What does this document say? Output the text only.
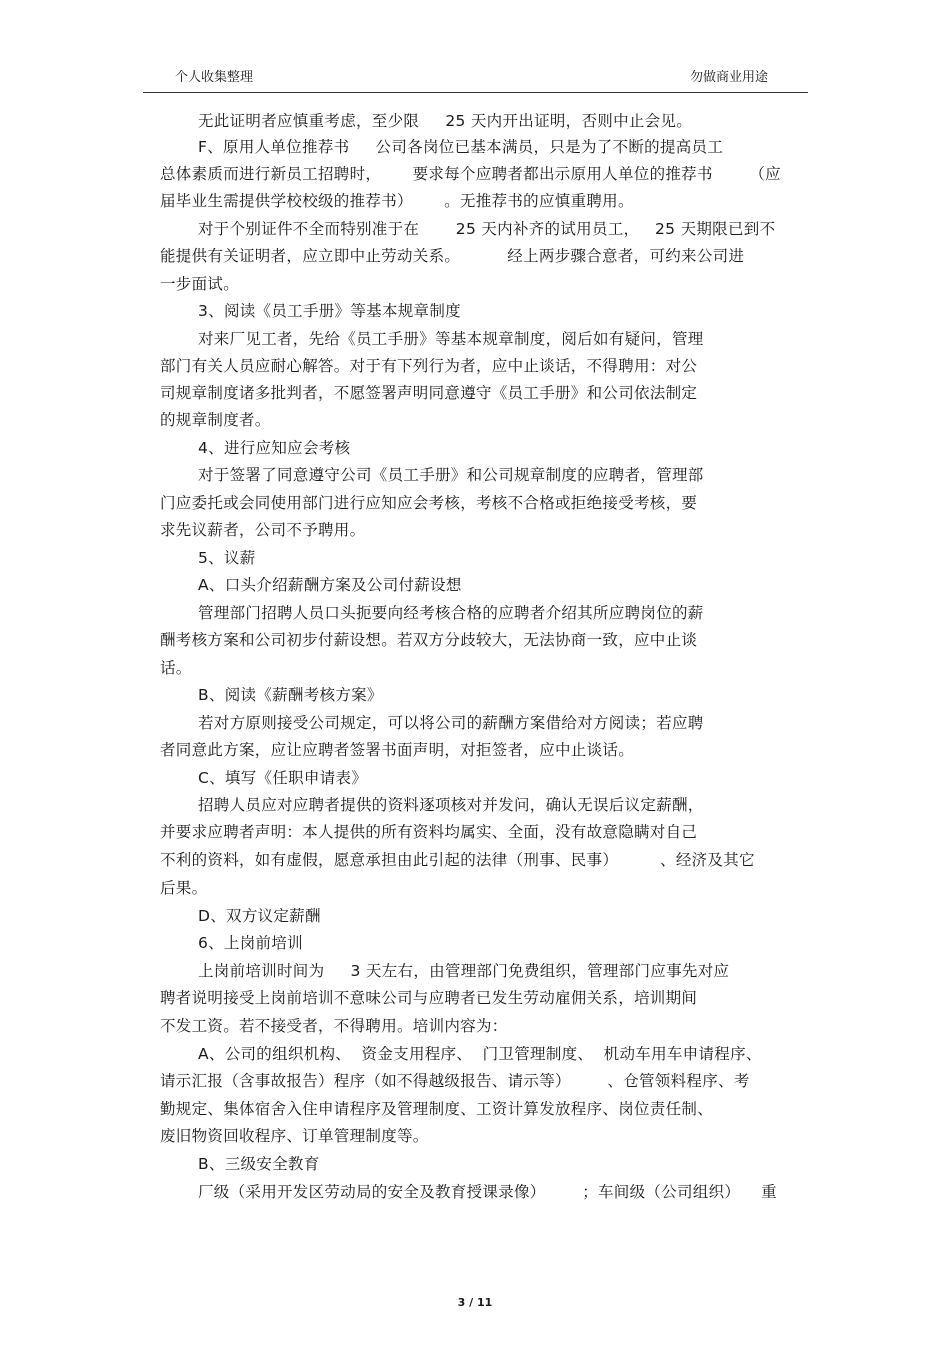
个人收集整理	勿做商业用途
无此证明者应慎重考虑，至少限     25 天内开出证明，否则中止会见。
F、原用人单位推荐书     公司各岗位已基本满员，只是为了不断的提高员工
总体素质而进行新员工招聘时，      要求每个应聘者都出示原用人单位的推荐书       （应
届毕业生需提供学校校级的推荐书）      。无推荐书的应慎重聘用。
对于个别证件不全而特别准于在       25 天内补齐的试用员工，   25 天期限已到不
能提供有关证明者，应立即中止劳动关系。         经上两步骤合意者，可约来公司进
一步面试。
3、阅读《员工手册》等基本规章制度
对来厂见工者，先给《员工手册》等基本规章制度，阅后如有疑问，管理
部门有关人员应耐心解答。对于有下列行为者，应中止谈话，不得聘用：对公
司规章制度诸多批判者，不愿签署声明同意遵守《员工手册》和公司依法制定
的规章制度者。
4、进行应知应会考核
对于签署了同意遵守公司《员工手册》和公司规章制度的应聘者，管理部
门应委托或会同使用部门进行应知应会考核，考核不合格或拒绝接受考核，要
求先议薪者，公司不予聘用。
5、议薪
A、口头介绍薪酬方案及公司付薪设想
管理部门招聘人员口头扼要向经考核合格的应聘者介绍其所应聘岗位的薪
酬考核方案和公司初步付薪设想。若双方分歧较大，无法协商一致，应中止谈
话。
B、阅读《薪酬考核方案》
若对方原则接受公司规定，可以将公司的薪酬方案借给对方阅读；若应聘
者同意此方案，应让应聘者签署书面声明，对拒签者，应中止谈话。
C、填写《任职申请表》
招聘人员应对应聘者提供的资料逐项核对并发问，确认无误后议定薪酬，
并要求应聘者声明：本人提供的所有资料均属实、全面，没有故意隐瞒对自己
不利的资料，如有虚假，愿意承担由此引起的法律（刑事、民事）        、经济及其它
后果。
D、双方议定薪酬
6、上岗前培训
上岗前培训时间为     3 天左右，由管理部门免费组织，管理部门应事先对应
聘者说明接受上岗前培训不意味公司与应聘者已发生劳动雇佣关系，培训期间
不发工资。若不接受者，不得聘用。培训内容为：
A、公司的组织机构、  资金支用程序、  门卫管理制度、  机动车用车申请程序、
请示汇报（含事故报告）程序（如不得越级报告、请示等）       、仓管领料程序、考
勤规定、集体宿舍入住申请程序及管理制度、工资计算发放程序、岗位责任制、
废旧物资回收程序、订单管理制度等。
B、三级安全教育
厂级（采用开发区劳动局的安全及教育授课录像）       ；车间级（公司组织）    重
3 / 11
